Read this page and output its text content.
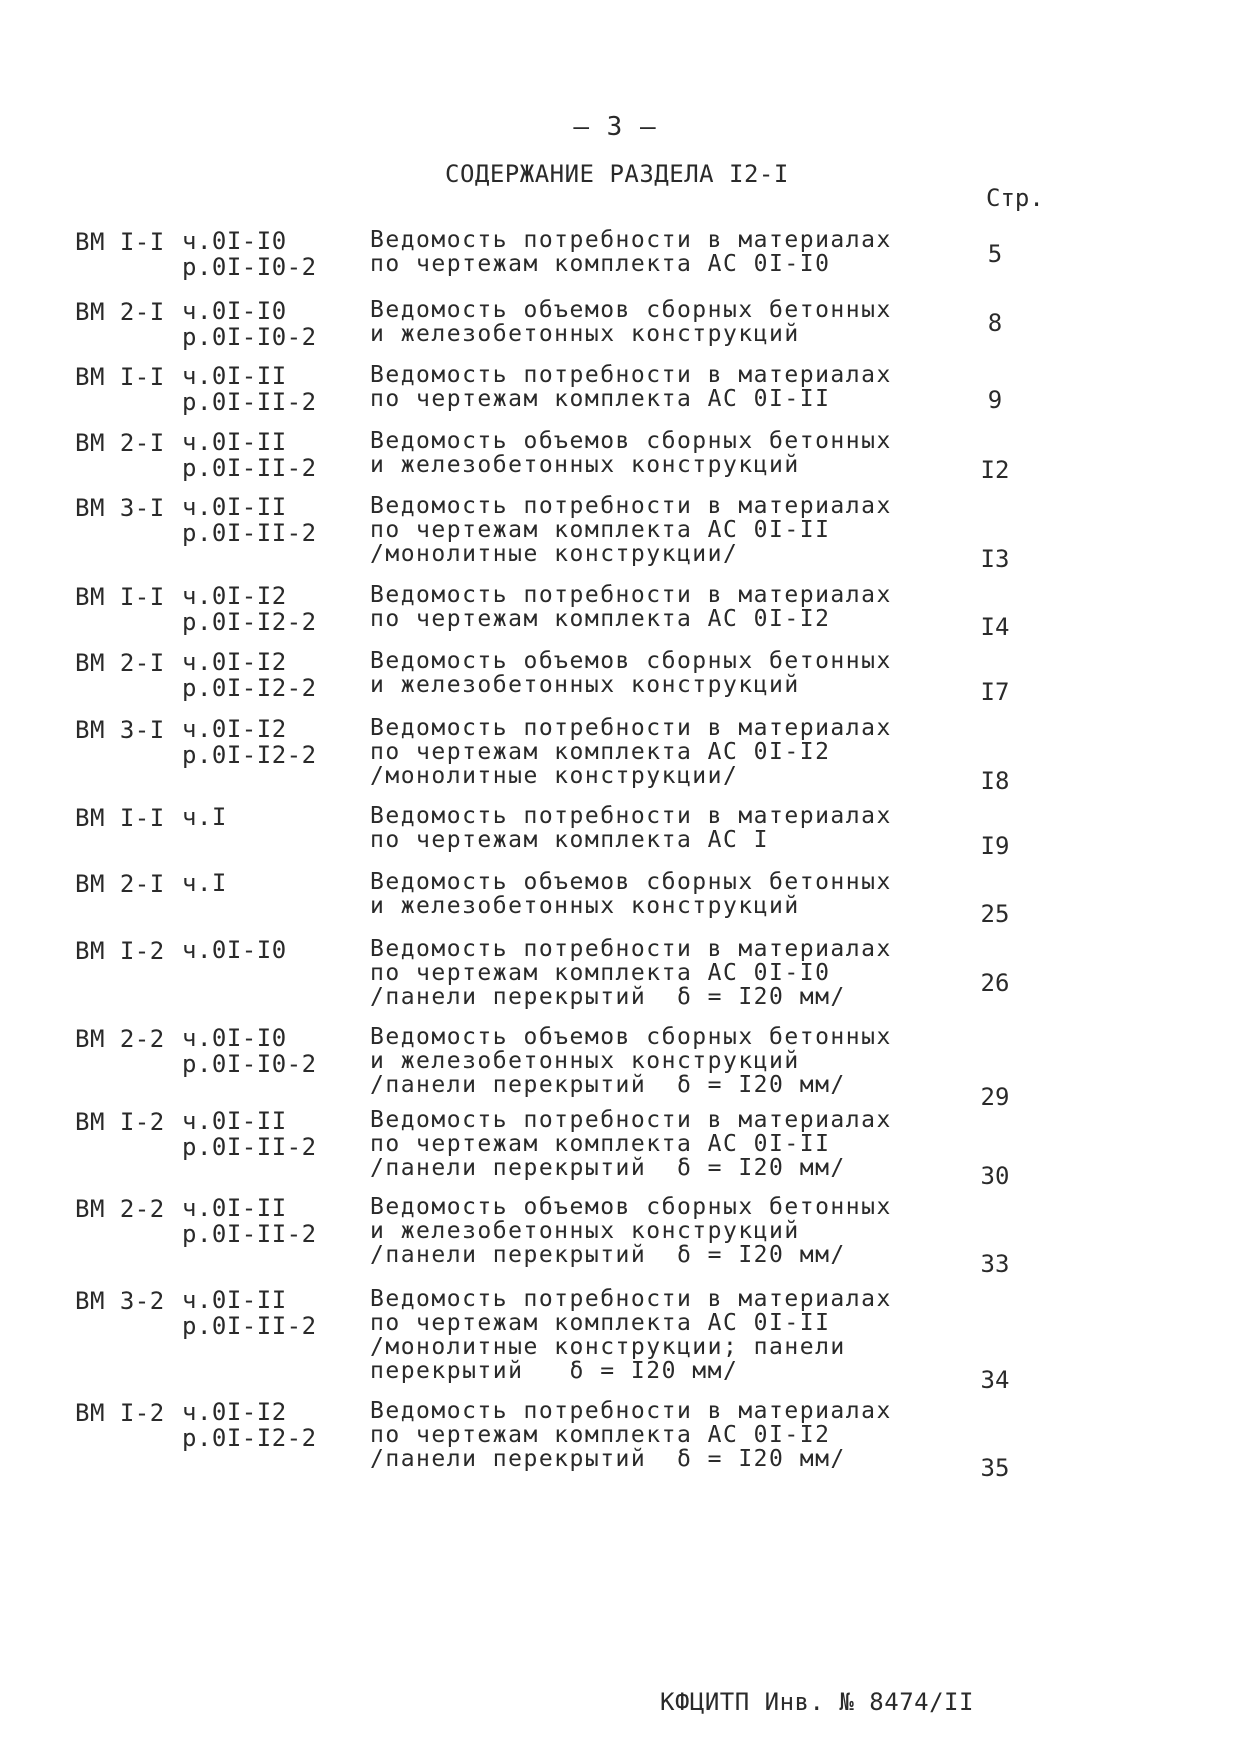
– 3 –
СОДЕРЖАНИЕ РАЗДЕЛА I2-I
Стр.
ВМ I-I ч.0I-I0
р.0I-I0-2
Ведомость потребности в материалах
по чертежам комплекта АС 0I-I0	5
ВМ 2-I ч.0I-I0
р.0I-I0-2
Ведомость объемов сборных бетонных
и железобетонных конструкций	8
ВМ I-I ч.0I-II
р.0I-II-2
Ведомость потребности в материалах
по чертежам комплекта АС 0I-II	9
ВМ 2-I ч.0I-II
р.0I-II-2
Ведомость объемов сборных бетонных
и железобетонных конструкций	I2
ВМ 3-I ч.0I-II
р.0I-II-2
Ведомость потребности в материалах
по чертежам комплекта АС 0I-II
/монолитные конструкции/	I3
ВМ I-I ч.0I-I2
р.0I-I2-2
Ведомость потребности в материалах
по чертежам комплекта АС 0I-I2	I4
ВМ 2-I ч.0I-I2
р.0I-I2-2
Ведомость объемов сборных бетонных
и железобетонных конструкций	I7
ВМ 3-I ч.0I-I2
р.0I-I2-2
Ведомость потребности в материалах
по чертежам комплекта АС 0I-I2
/монолитные конструкции/	I8
ВМ I-I ч.I	Ведомость потребности в материалах
по чертежам комплекта АС I	I9
ВМ 2-I ч.I	Ведомость объемов сборных бетонных
и железобетонных конструкций	25
ВМ I-2 ч.0I-I0	Ведомость потребности в материалах
по чертежам комплекта АС 0I-I0
/панели перекрытий  δ = I20 мм/	26
ВМ 2-2 ч.0I-I0
р.0I-I0-2
Ведомость объемов сборных бетонных
и железобетонных конструкций
/панели перекрытий  δ = I20 мм/	29
ВМ I-2 ч.0I-II
р.0I-II-2
Ведомость потребности в материалах
по чертежам комплекта АС 0I-II
/панели перекрытий  δ = I20 мм/	30
ВМ 2-2 ч.0I-II
р.0I-II-2
Ведомость объемов сборных бетонных
и железобетонных конструкций
/панели перекрытий  δ = I20 мм/	33
ВМ 3-2 ч.0I-II
р.0I-II-2
Ведомость потребности в материалах
по чертежам комплекта АС 0I-II
/монолитные конструкции; панели
перекрытий   δ = I20 мм/	34
ВМ I-2 ч.0I-I2
р.0I-I2-2
Ведомость потребности в материалах
по чертежам комплекта АС 0I-I2
/панели перекрытий  δ = I20 мм/	35
КФЦИТП Инв. № 8474/II
